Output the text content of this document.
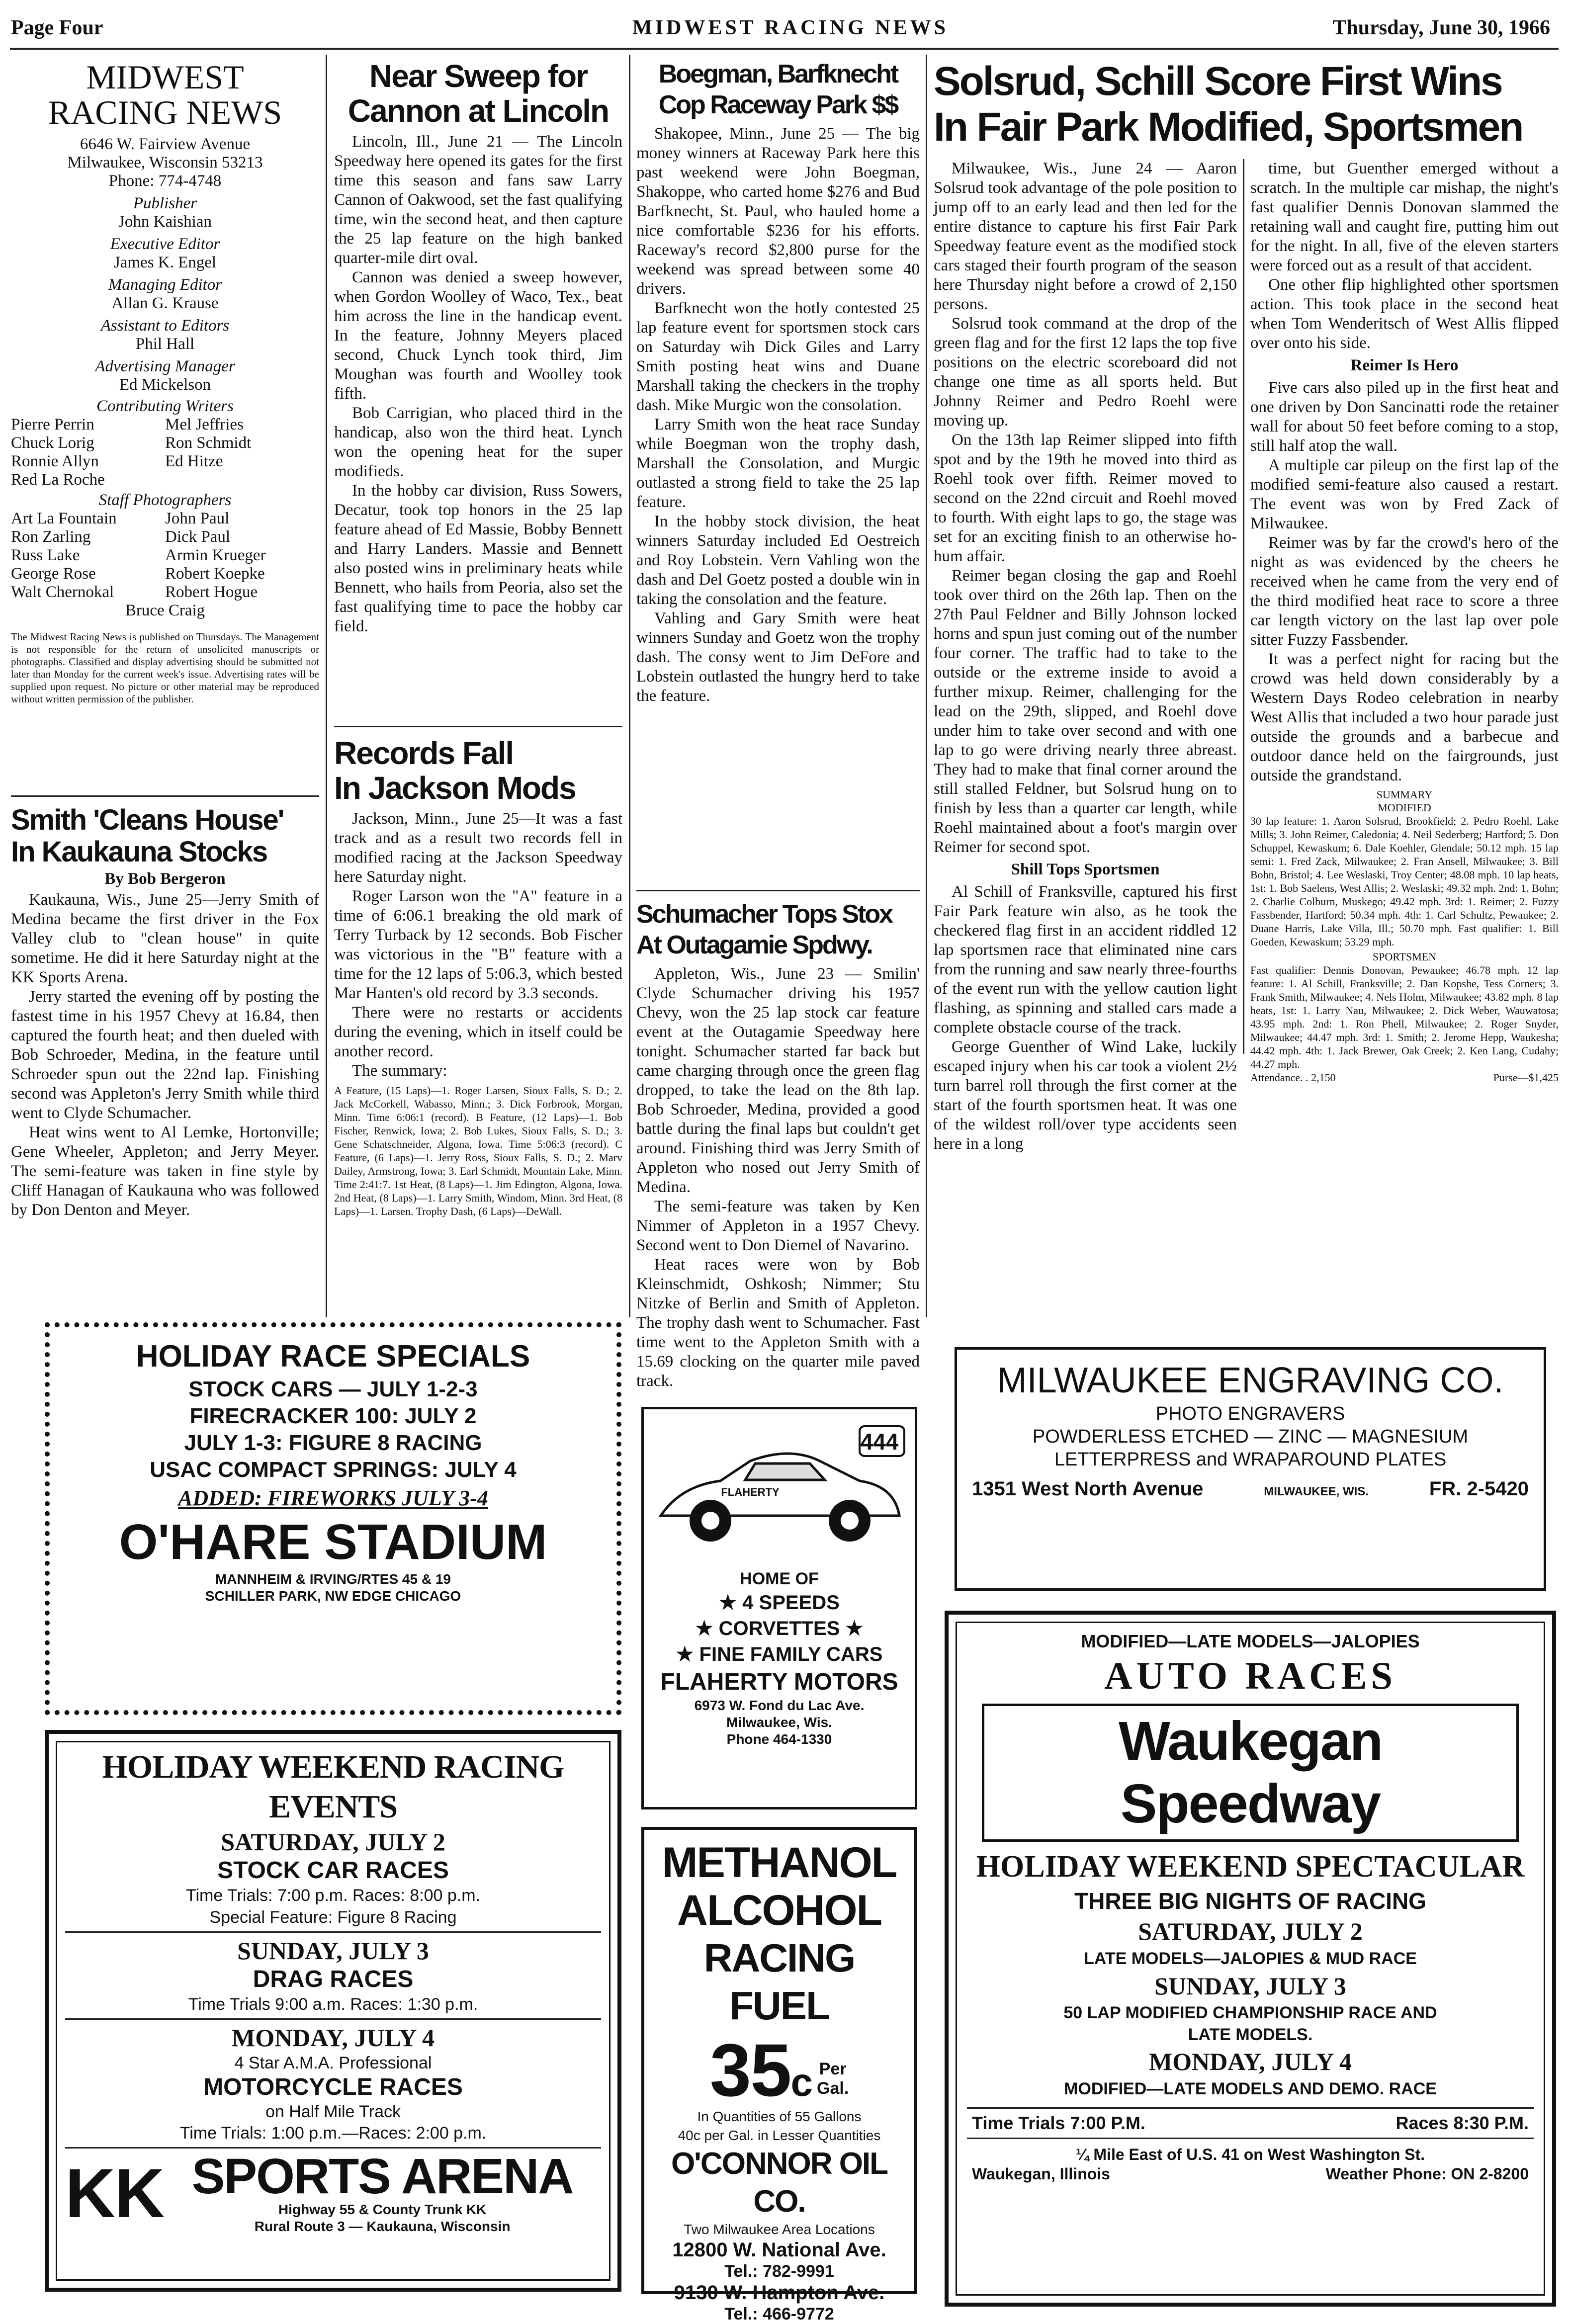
Page Four	MIDWEST RACING NEWS	Thursday, June 30, 1966
MIDWEST
RACING NEWS
6646 W. Fairview Avenue
Milwaukee, Wisconsin 53213
Phone: 774-4748
Publisher
John Kaishian
Executive Editor
James K. Engel
Managing Editor
Allan G. Krause
Assistant to Editors
Phil Hall
Advertising Manager
Ed Mickelson
Contributing Writers
Pierre Perrin	Mel Jeffries
Chuck Lorig	Ron Schmidt
Ronnie Allyn	Ed Hitze
Red La Roche
Staff Photographers
Art La Fountain	John Paul
Ron Zarling	Dick Paul
Russ Lake	Armin Krueger
George Rose	Robert Koepke
Walt Chernokal	Robert Hogue
Bruce Craig
The Midwest Racing News is published on Thursdays. The Management is not responsible for the return of unsolicited manuscripts or photographs. Classified and display advertising should be submitted not later than Monday for the current week's issue. Advertising rates will be supplied upon request. No picture or other material may be reproduced without written permission of the publisher.
Smith 'Cleans House'
In Kaukauna Stocks
By Bob Bergeron

Kaukauna, Wis., June 25—Jerry Smith of Medina became the first driver in the Fox Valley club to "clean house" in quite sometime. He did it here Saturday night at the KK Sports Arena.

Jerry started the evening off by posting the fastest time in his 1957 Chevy at 16.84, then captured the fourth heat; and then dueled with Bob Schroeder, Medina, in the feature until Schroeder spun out the 22nd lap. Finishing second was Appleton's Jerry Smith while third went to Clyde Schumacher.

Heat wins went to Al Lemke, Hortonville; Gene Wheeler, Appleton; and Jerry Meyer. The semi-feature was taken in fine style by Cliff Hanagan of Kaukauna who was followed by Don Denton and Meyer.

Near Sweep for
Cannon at Lincoln

Lincoln, Ill., June 21 — The Lincoln Speedway here opened its gates for the first time this season and fans saw Larry Cannon of Oakwood, set the fast qualifying time, win the second heat, and then capture the 25 lap feature on the high banked quarter-mile dirt oval.

Cannon was denied a sweep however, when Gordon Woolley of Waco, Tex., beat him across the line in the handicap event. In the feature, Johnny Meyers placed second, Chuck Lynch took third, Jim Moughan was fourth and Woolley took fifth.

Bob Carrigian, who placed third in the handicap, also won the third heat. Lynch won the opening heat for the super modifieds.

In the hobby car division, Russ Sowers, Decatur, took top honors in the 25 lap feature ahead of Ed Massie, Bobby Bennett and Harry Landers. Massie and Bennett also posted wins in preliminary heats while Bennett, who hails from Peoria, also set the fast qualifying time to pace the hobby car field.

Records Fall
In Jackson Mods

Jackson, Minn., June 25—It was a fast track and as a result two records fell in modified racing at the Jackson Speedway here Saturday night.

Roger Larson won the "A" feature in a time of 6:06.1 breaking the old mark of Terry Turback by 12 seconds. Bob Fischer was victorious in the "B" feature with a time for the 12 laps of 5:06.3, which bested Mar Hanten's old record by 3.3 seconds.

There were no restarts or accidents during the evening, which in itself could be another record.

The summary:

A Feature, (15 Laps)—1. Roger Larsen, Sioux Falls, S. D.; 2. Jack McCorkell, Wabasso, Minn.; 3. Dick Forbrook, Morgan, Minn. Time 6:06:1 (record). B Feature, (12 Laps)—1. Bob Fischer, Renwick, Iowa; 2. Bob Lukes, Sioux Falls, S. D.; 3. Gene Schatschneider, Algona, Iowa. Time 5:06:3 (record). C Feature, (6 Laps)—1. Jerry Ross, Sioux Falls, S. D.; 2. Marv Dailey, Armstrong, Iowa; 3. Earl Schmidt, Mountain Lake, Minn. Time 2:41:7. 1st Heat, (8 Laps)—1. Jim Edington, Algona, Iowa. 2nd Heat, (8 Laps)—1. Larry Smith, Windom, Minn. 3rd Heat, (8 Laps)—1. Larsen. Trophy Dash, (6 Laps)—DeWall.
Boegman, Barfknecht
Cop Raceway Park $$

Shakopee, Minn., June 25 — The big money winners at Raceway Park here this past weekend were John Boegman, Shakoppe, who carted home $276 and Bud Barfknecht, St. Paul, who hauled home a nice comfortable $236 for his efforts. Raceway's record $2,800 purse for the weekend was spread between some 40 drivers.

Barfknecht won the hotly contested 25 lap feature event for sportsmen stock cars on Saturday wih Dick Giles and Larry Smith posting heat wins and Duane Marshall taking the checkers in the trophy dash. Mike Murgic won the consolation.

Larry Smith won the heat race Sunday while Boegman won the trophy dash, Marshall the Consolation, and Murgic outlasted a strong field to take the 25 lap feature.

In the hobby stock division, the heat winners Saturday included Ed Oestreich and Roy Lobstein. Vern Vahling won the dash and Del Goetz posted a double win in taking the consolation and the feature.

Vahling and Gary Smith were heat winners Sunday and Goetz won the trophy dash. The consy went to Jim DeFore and Lobstein outlasted the hungry herd to take the feature.

Schumacher Tops Stox
At Outagamie Spdwy.

Appleton, Wis., June 23 — Smilin' Clyde Schumacher driving his 1957 Chevy, won the 25 lap stock car feature event at the Outagamie Speedway here tonight. Schumacher started far back but came charging through once the green flag dropped, to take the lead on the 8th lap. Bob Schroeder, Medina, provided a good battle during the final laps but couldn't get around. Finishing third was Jerry Smith of Appleton who nosed out Jerry Smith of Medina.

The semi-feature was taken by Ken Nimmer of Appleton in a 1957 Chevy. Second went to Don Diemel of Navarino.

Heat races were won by Bob Kleinschmidt, Oshkosh; Nimmer; Stu Nitzke of Berlin and Smith of Appleton. The trophy dash went to Schumacher. Fast time went to the Appleton Smith with a 15.69 clocking on the quarter mile paved track.

Solsrud, Schill Score First Wins
In Fair Park Modified, Sportsmen

Milwaukee, Wis., June 24 — Aaron Solsrud took advantage of the pole position to jump off to an early lead and then led for the entire distance to capture his first Fair Park Speedway feature event as the modified stock cars staged their fourth program of the season here Thursday night before a crowd of 2,150 persons.

Solsrud took command at the drop of the green flag and for the first 12 laps the top five positions on the electric scoreboard did not change one time as all sports held. But Johnny Reimer and Pedro Roehl were moving up.

On the 13th lap Reimer slipped into fifth spot and by the 19th he moved into third as Roehl took over fifth. Reimer moved to second on the 22nd circuit and Roehl moved to fourth. With eight laps to go, the stage was set for an exciting finish to an otherwise ho-hum affair.

Reimer began closing the gap and Roehl took over third on the 26th lap. Then on the 27th Paul Feldner and Billy Johnson locked horns and spun just coming out of the number four corner. The traffic had to take to the outside or the extreme inside to avoid a further mixup. Reimer, challenging for the lead on the 29th, slipped, and Roehl dove under him to take over second and with one lap to go were driving nearly three abreast. They had to make that final corner around the still stalled Feldner, but Solsrud hung on to finish by less than a quarter car length, while Roehl maintained about a foot's margin over Reimer for second spot.

Shill Tops Sportsmen

Al Schill of Franksville, captured his first Fair Park feature win also, as he took the checkered flag first in an accident riddled 12 lap sportsmen race that eliminated nine cars from the running and saw nearly three-fourths of the event run with the yellow caution light flashing, as spinning and stalled cars made a complete obstacle course of the track.

George Guenther of Wind Lake, luckily escaped injury when his car took a violent 2½ turn barrel roll through the first corner at the start of the fourth sportsmen heat. It was one of the wildest roll/over type accidents seen here in a long

time, but Guenther emerged without a scratch. In the multiple car mishap, the night's fast qualifier Dennis Donovan slammed the retaining wall and caught fire, putting him out for the night. In all, five of the eleven starters were forced out as a result of that accident.

One other flip highlighted other sportsmen action. This took place in the second heat when Tom Wenderitsch of West Allis flipped over onto his side.

Reimer Is Hero

Five cars also piled up in the first heat and one driven by Don Sancinatti rode the retainer wall for about 50 feet before coming to a stop, still half atop the wall.

A multiple car pileup on the first lap of the modified semi-feature also caused a restart. The event was won by Fred Zack of Milwaukee.

Reimer was by far the crowd's hero of the night as was evidenced by the cheers he received when he came from the very end of the third modified heat race to score a three car length victory on the last lap over pole sitter Fuzzy Fassbender.

It was a perfect night for racing but the crowd was held down considerably by a Western Days Rodeo celebration in nearby West Allis that included a two hour parade just outside the grounds and a barbecue and outdoor dance held on the fairgrounds, just outside the grandstand.

SUMMARY
MODIFIED
30 lap feature: 1. Aaron Solsrud, Brookfield; 2. Pedro Roehl, Lake Mills; 3. John Reimer, Caledonia; 4. Neil Sederberg; Hartford; 5. Don Schuppel, Kewaskum; 6. Dale Koehler, Glendale; 50.12 mph. 15 lap semi: 1. Fred Zack, Milwaukee; 2. Fran Ansell, Milwaukee; 3. Bill Bohn, Bristol; 4. Lee Weslaski, Troy Center; 48.08 mph. 10 lap heats, 1st: 1. Bob Saelens, West Allis; 2. Weslaski; 49.32 mph. 2nd: 1. Bohn; 2. Charlie Colburn, Muskego; 49.42 mph. 3rd: 1. Reimer; 2. Fuzzy Fassbender, Hartford; 50.34 mph. 4th: 1. Carl Schultz, Pewaukee; 2. Duane Harris, Lake Villa, Ill.; 50.70 mph. Fast qualifier: 1. Bill Goeden, Kewaskum; 53.29 mph.
SPORTSMEN
Fast qualifier: Dennis Donovan, Pewaukee; 46.78 mph. 12 lap feature: 1. Al Schill, Franksville; 2. Dan Kopshe, Tess Corners; 3. Frank Smith, Milwaukee; 4. Nels Holm, Milwaukee; 43.82 mph. 8 lap heats, 1st: 1. Larry Nau, Milwaukee; 2. Dick Weber, Wauwatosa; 43.95 mph. 2nd: 1. Ron Phell, Milwaukee; 2. Roger Snyder, Milwaukee; 44.47 mph. 3rd: 1. Smith; 2. Jerome Hepp, Waukesha; 44.42 mph. 4th: 1. Jack Brewer, Oak Creek; 2. Ken Lang, Cudahy; 44.27 mph.
Attendance. . 2,150	Purse—$1,425
HOLIDAY RACE SPECIALS
STOCK CARS — JULY 1-2-3
FIRECRACKER 100: JULY 2
JULY 1-3: FIGURE 8 RACING
USAC COMPACT SPRINGS: JULY 4
ADDED: FIREWORKS JULY 3-4
O'HARE STADIUM
MANNHEIM & IRVING/RTES 45 & 19
SCHILLER PARK, NW EDGE CHICAGO
HOLIDAY WEEKEND RACING EVENTS
SATURDAY, JULY 2
STOCK CAR RACES
Time Trials: 7:00 p.m. Races: 8:00 p.m.
Special Feature: Figure 8 Racing
SUNDAY, JULY 3
DRAG RACES
Time Trials 9:00 a.m. Races: 1:30 p.m.
MONDAY, JULY 4
4 Star A.M.A. Professional
MOTORCYCLE RACES
on Half Mile Track
Time Trials: 1:00 p.m.—Races: 2:00 p.m.
KK SPORTS ARENA
Highway 55 & County Trunk KK
Rural Route 3 — Kaukauna, Wisconsin
444
FLAHERTY
HOME OF
★ 4 SPEEDS
★ CORVETTES ★
★ FINE FAMILY CARS
FLAHERTY MOTORS
6973 W. Fond du Lac Ave.
Milwaukee, Wis.
Phone 464-1330
METHANOL
ALCOHOL
RACING FUEL
35 c Per
Gal.
In Quantities of 55 Gallons
40c per Gal. in Lesser Quantities
O'CONNOR OIL CO.
Two Milwaukee Area Locations
12800 W. National Ave.
Tel.: 782-9991
9130 W. Hampton Ave.
Tel.: 466-9772
MILWAUKEE ENGRAVING CO.
PHOTO ENGRAVERS
POWDERLESS ETCHED — ZINC — MAGNESIUM
LETTERPRESS and WRAPAROUND PLATES
1351 West North Avenue	MILWAUKEE, WIS.	FR. 2-5420
MODIFIED—LATE MODELS—JALOPIES
AUTO RACES
Waukegan Speedway
HOLIDAY WEEKEND SPECTACULAR
THREE BIG NIGHTS OF RACING
SATURDAY, JULY 2
LATE MODELS—JALOPIES & MUD RACE
SUNDAY, JULY 3
50 LAP MODIFIED CHAMPIONSHIP RACE AND
LATE MODELS.
MONDAY, JULY 4
MODIFIED—LATE MODELS AND DEMO. RACE
Time Trials 7:00 P.M.	Races 8:30 P.M.
¼ Mile East of U.S. 41 on West Washington St.
Waukegan, Illinois	Weather Phone: ON 2-8200
